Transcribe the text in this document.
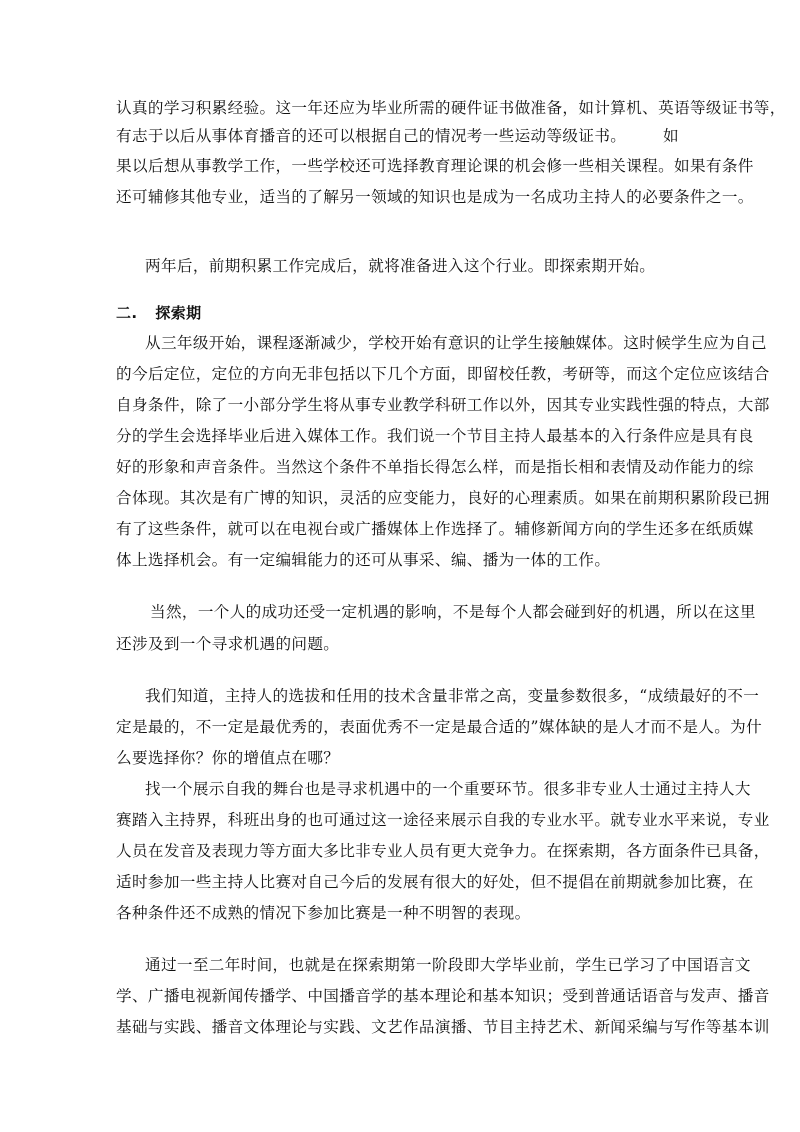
认真的学习积累经验。这一年还应为毕业所需的硬件证书做准备，如计算机、英语等级证书等，
有志于以后从事体育播音的还可以根据自己的情况考一些运动等级证书。 如
果以后想从事教学工作，一些学校还可选择教育理论课的机会修一些相关课程。如果有条件
还可辅修其他专业，适当的了解另一领域的知识也是成为一名成功主持人的必要条件之一。
两年后，前期积累工作完成后，就将准备进入这个行业。即探索期开始。
二. 探索期
从三年级开始，课程逐渐减少，学校开始有意识的让学生接触媒体。这时候学生应为自己
的今后定位，定位的方向无非包括以下几个方面，即留校任教，考研等，而这个定位应该结合
自身条件，除了一小部分学生将从事专业教学科研工作以外，因其专业实践性强的特点，大部
分的学生会选择毕业后进入媒体工作。我们说一个节目主持人最基本的入行条件应是具有良
好的形象和声音条件。当然这个条件不单指长得怎么样，而是指长相和表情及动作能力的综
合体现。其次是有广博的知识，灵活的应变能力，良好的心理素质。如果在前期积累阶段已拥
有了这些条件，就可以在电视台或广播媒体上作选择了。辅修新闻方向的学生还多在纸质媒
体上选择机会。有一定编辑能力的还可从事采、编、播为一体的工作。
当然，一个人的成功还受一定机遇的影响，不是每个人都会碰到好的机遇，所以在这里
还涉及到一个寻求机遇的问题。
我们知道，主持人的选拔和任用的技术含量非常之高，变量参数很多，“成绩最好的不一
定是最的，不一定是最优秀的，表面优秀不一定是最合适的”媒体缺的是人才而不是人。为什
么要选择你？你的增值点在哪？
找一个展示自我的舞台也是寻求机遇中的一个重要环节。很多非专业人士通过主持人大
赛踏入主持界，科班出身的也可通过这一途径来展示自我的专业水平。就专业水平来说，专业
人员在发音及表现力等方面大多比非专业人员有更大竞争力。在探索期，各方面条件已具备，
适时参加一些主持人比赛对自己今后的发展有很大的好处，但不提倡在前期就参加比赛，在
各种条件还不成熟的情况下参加比赛是一种不明智的表现。
通过一至二年时间，也就是在探索期第一阶段即大学毕业前，学生已学习了中国语言文
学、广播电视新闻传播学、中国播音学的基本理论和基本知识；受到普通话语音与发声、播音
基础与实践、播音文体理论与实践、文艺作品演播、节目主持艺术、新闻采编与写作等基本训
